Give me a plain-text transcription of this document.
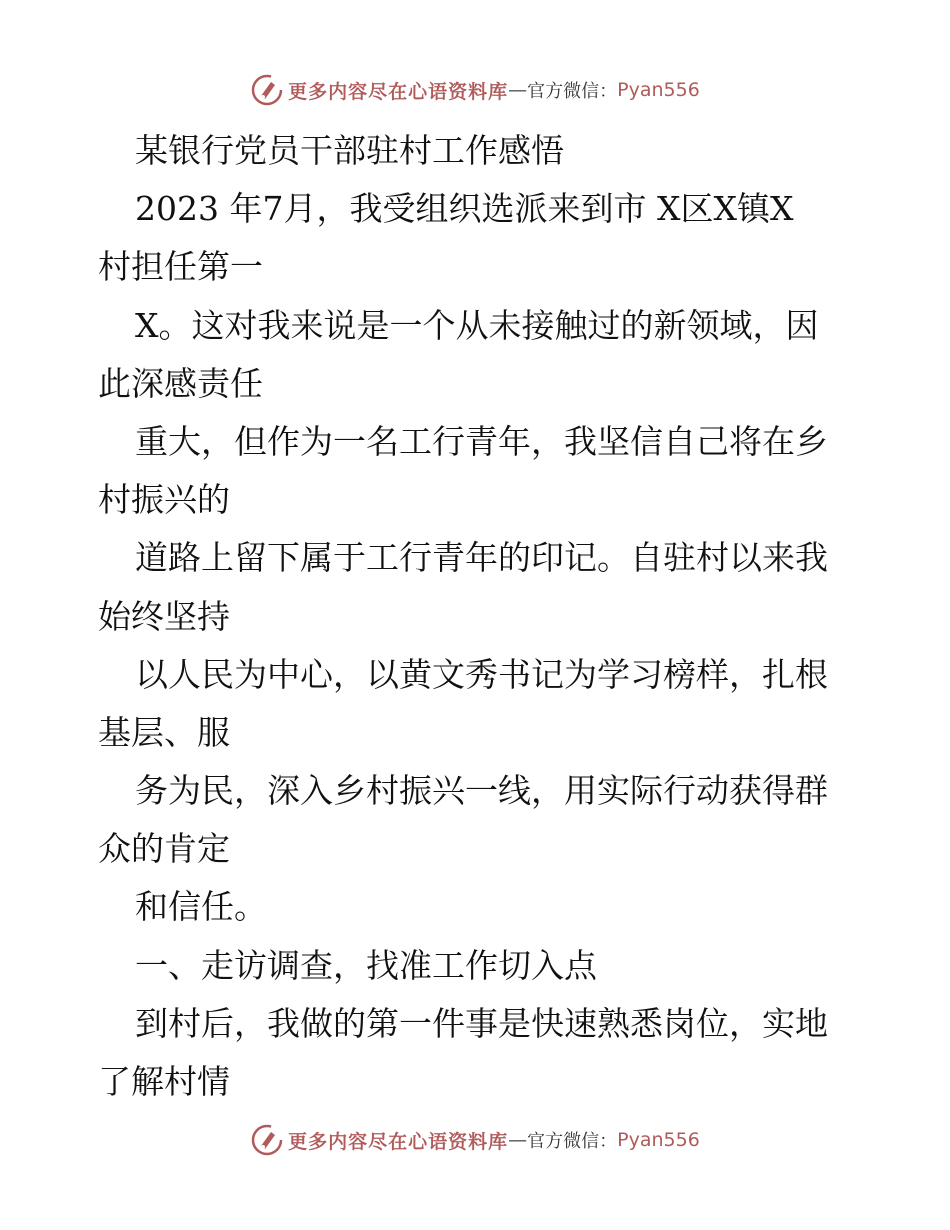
更多内容尽在心语资料库 — 官方微信： Pyan556
某银行党员干部驻村工作感悟
2023 年7月，我受组织选派来到市 X区X镇X
村担任第一
X。这对我来说是一个从未接触过的新领域，因
此深感责任
重大，但作为一名工行青年，我坚信自己将在乡
村振兴的
道路上留下属于工行青年的印记。自驻村以来我
始终坚持
以人民为中心，以黄文秀书记为学习榜样，扎根
基层、服
务为民，深入乡村振兴一线，用实际行动获得群
众的肯定
和信任。
一、走访调查，找准工作切入点
到村后，我做的第一件事是快速熟悉岗位，实地
了解村情
更多内容尽在心语资料库 — 官方微信： Pyan556
